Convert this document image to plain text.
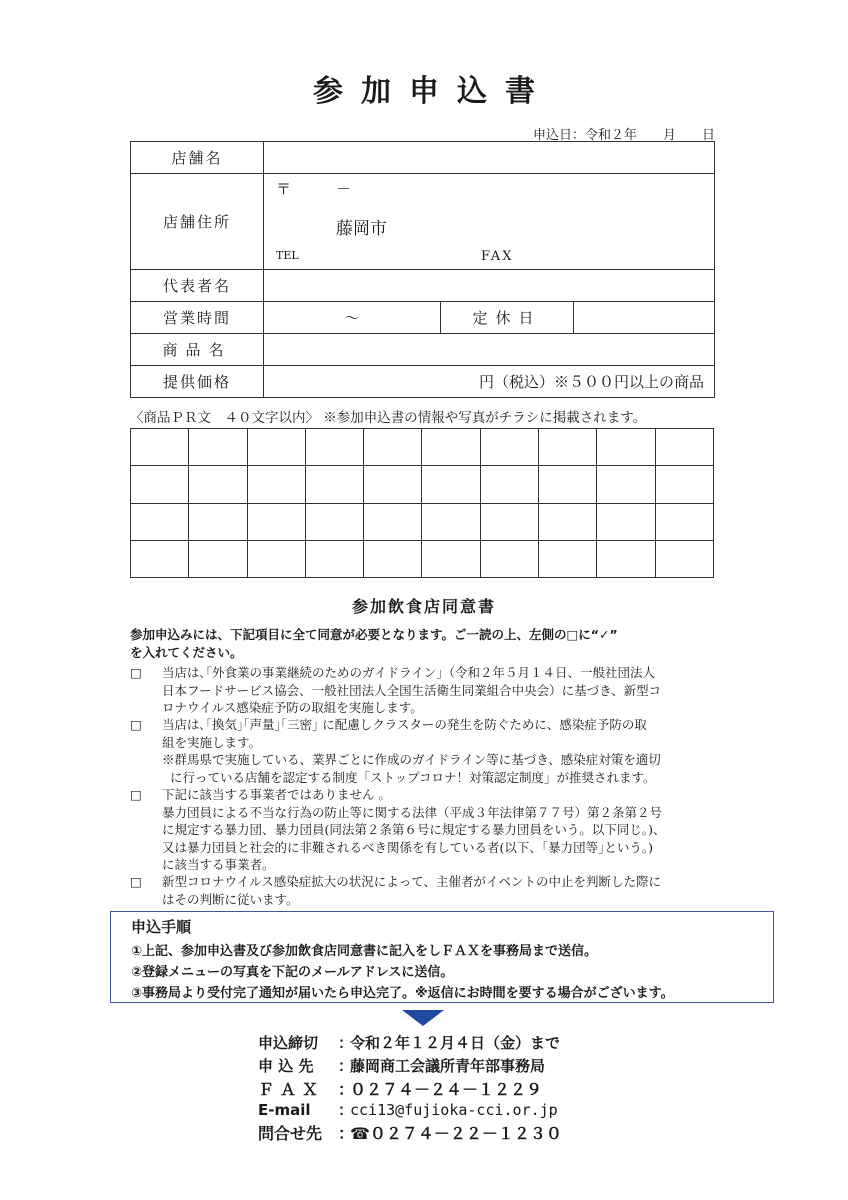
参加申込書
申込日：令和２年　　月　　日
店舗名			
店舗住所	〒 －
藤岡市
TEL FAX		

代表者名			
営業時間	～	定休日	
商品名			
提供価格	円（税込）※５００円以上の商品		
〈商品ＰＲ文　４０文字以内〉 ※参加申込書の情報や写真がチラシに掲載されます。

参加飲食店同意書
参加申込みには、下記項目に全て同意が必要となります。ご一読の上、左側の□に“✓”
を入れてください。
□ 当店は､｢外食業の事業継続のためのガイドライン｣（令和２年５月１４日、一般社団法人
日本フードサービス協会、一般社団法人全国生活衛生同業組合中央会）に基づき、新型コ
ロナウイルス感染症予防の取組を実施します。
□ 当店は､｢換気｣｢声量｣｢三密｣ に配慮しクラスターの発生を防ぐために、感染症予防の取
組を実施します。
※群馬県で実施している、業界ごとに作成のガイドライン等に基づき、感染症対策を適切
に行っている店舗を認定する制度「ストップコロナ！対策認定制度」が推奨されます。
□ 下記に該当する事業者ではありません 。
暴力団員による不当な行為の防止等に関する法律（平成３年法律第７７号）第２条第２号
に規定する暴力団、暴力団員(同法第２条第６号に規定する暴力団員をいう。以下同じ。)、
又は暴力団員と社会的に非難されるべき関係を有している者(以下、｢暴力団等｣という。)
に該当する事業者。
□ 新型コロナウイルス感染症拡大の状況によって、主催者がイベントの中止を判断した際に
はその判断に従います。
申込手順
①上記、参加申込書及び参加飲食店同意書に記入をしＦＡＸを事務局まで送信。
②登録メニューの写真を下記のメールアドレスに送信。
③事務局より受付完了通知が届いたら申込完了。※返信にお時間を要する場合がございます。
申込締切 ：令和２年１２月４日（金）まで
申 込 先 ：藤岡商工会議所青年部事務局
ＦＡＸ ：０２７４－２４－１２２９
E-mail ：cci13@fujioka-cci.or.jp
問合せ先 ：☎０２７４－２２－１２３０
